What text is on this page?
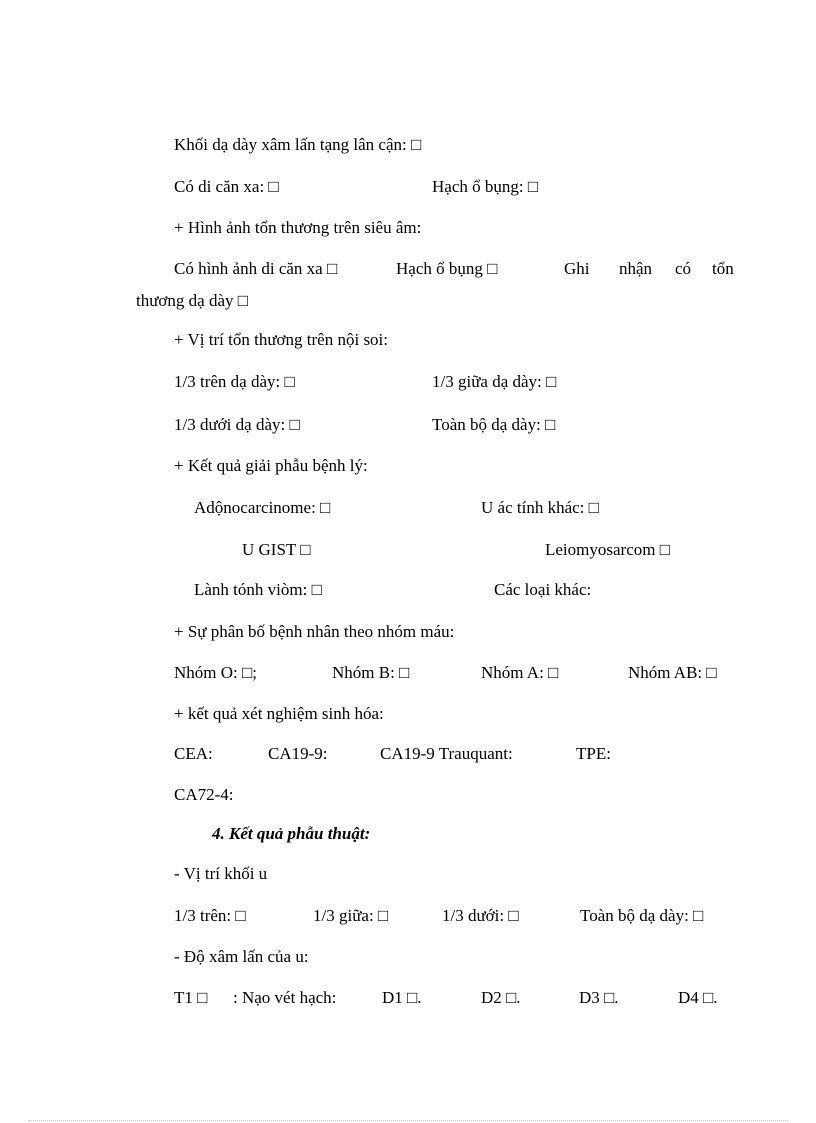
Khối dạ dày xâm lấn tạng lân cận: □
Có di căn xa: □	Hạch ổ bụng: □
+ Hình ảnh tổn thương trên siêu âm:
Có hình ảnh di căn xa □	Hạch ổ bụng □	Ghi nhận có tổn
thương dạ dày □
+ Vị trí tổn thương trên nội soi:
1/3 trên dạ dày: □	1/3 giữa dạ dày: □
1/3 dưới dạ dày: □	Toàn bộ dạ dày: □
+ Kết quả giải phẫu bệnh lý:
Adộnocarcinome: □	U ác tính khác: □
U GIST □	Leiomyosarcom □
Lành tónh viòm: □	Các loại khác:
+ Sự phân bố bệnh nhân theo nhóm máu:
Nhóm O: □;	Nhóm B: □	Nhóm A: □	Nhóm AB: □
+ kết quả xét nghiệm sinh hóa:
CEA:	CA19-9:	CA19-9 Trauquant:	TPE:
CA72-4:
4. Kết quả phẫu thuật:
- Vị trí khối u
1/3 trên: □	1/3 giữa: □	1/3 dưới: □	Toàn bộ dạ dày: □
- Độ xâm lấn của u:
T1 □ : Nạo vét hạch:	D1 □.	D2 □.	D3 □.	D4 □.
